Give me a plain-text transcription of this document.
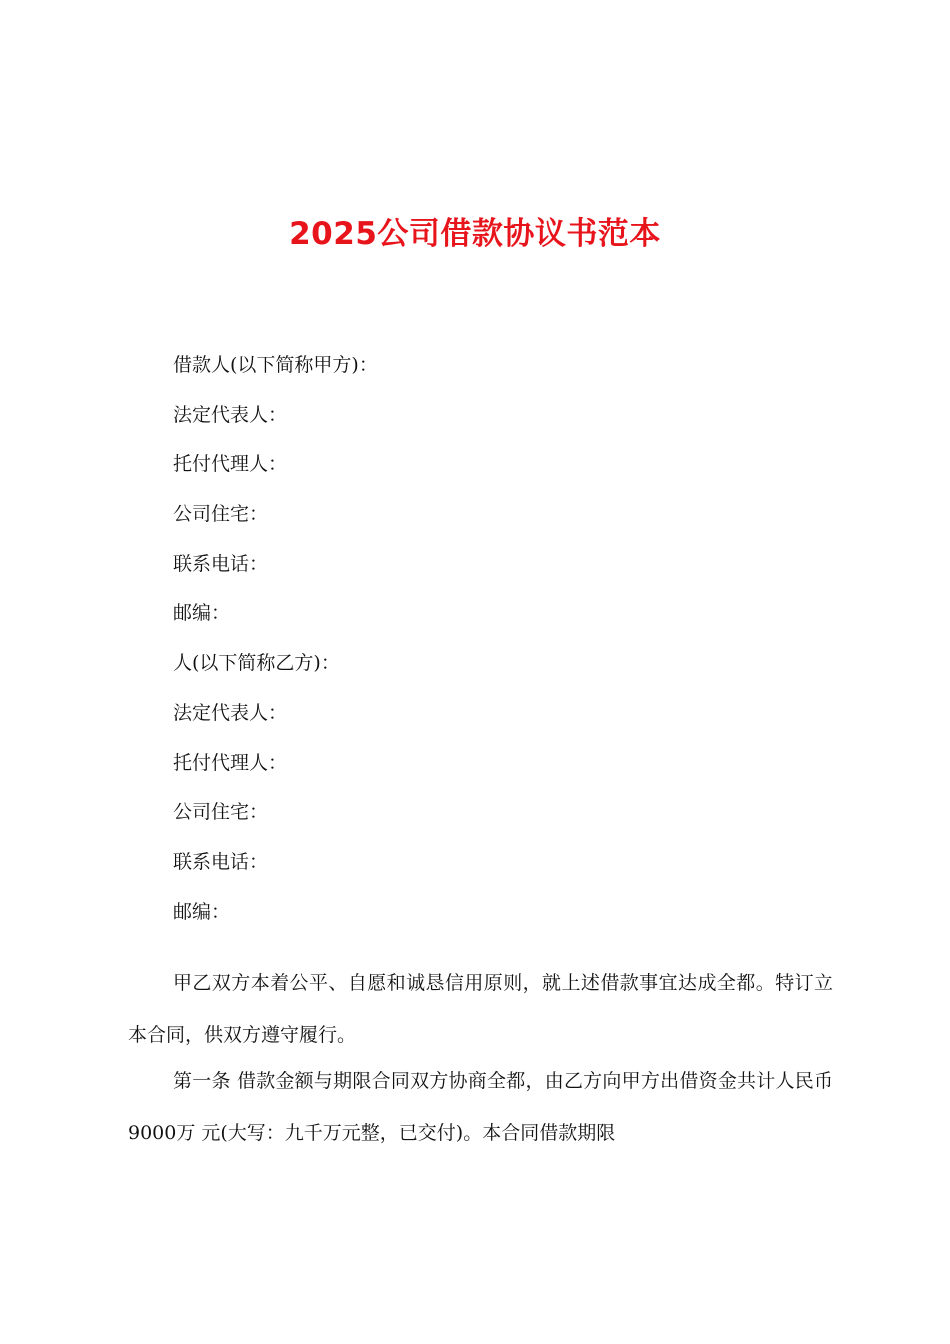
2025公司借款协议书范本
借款人(以下简称甲方)：
法定代表人：
托付代理人：
公司住宅：
联系电话：
邮编：
人(以下简称乙方)：
法定代表人：
托付代理人：
公司住宅：
联系电话：
邮编：

甲乙双方本着公平、自愿和诚恳信用原则，就上述借款事宜达成全都。特订立本合同，供双方遵守履行。

第一条 借款金额与期限合同双方协商全都，由乙方向甲方出借资金共计人民币 9000万 元(大写：九千万元整，已交付)。本合同借款期限
